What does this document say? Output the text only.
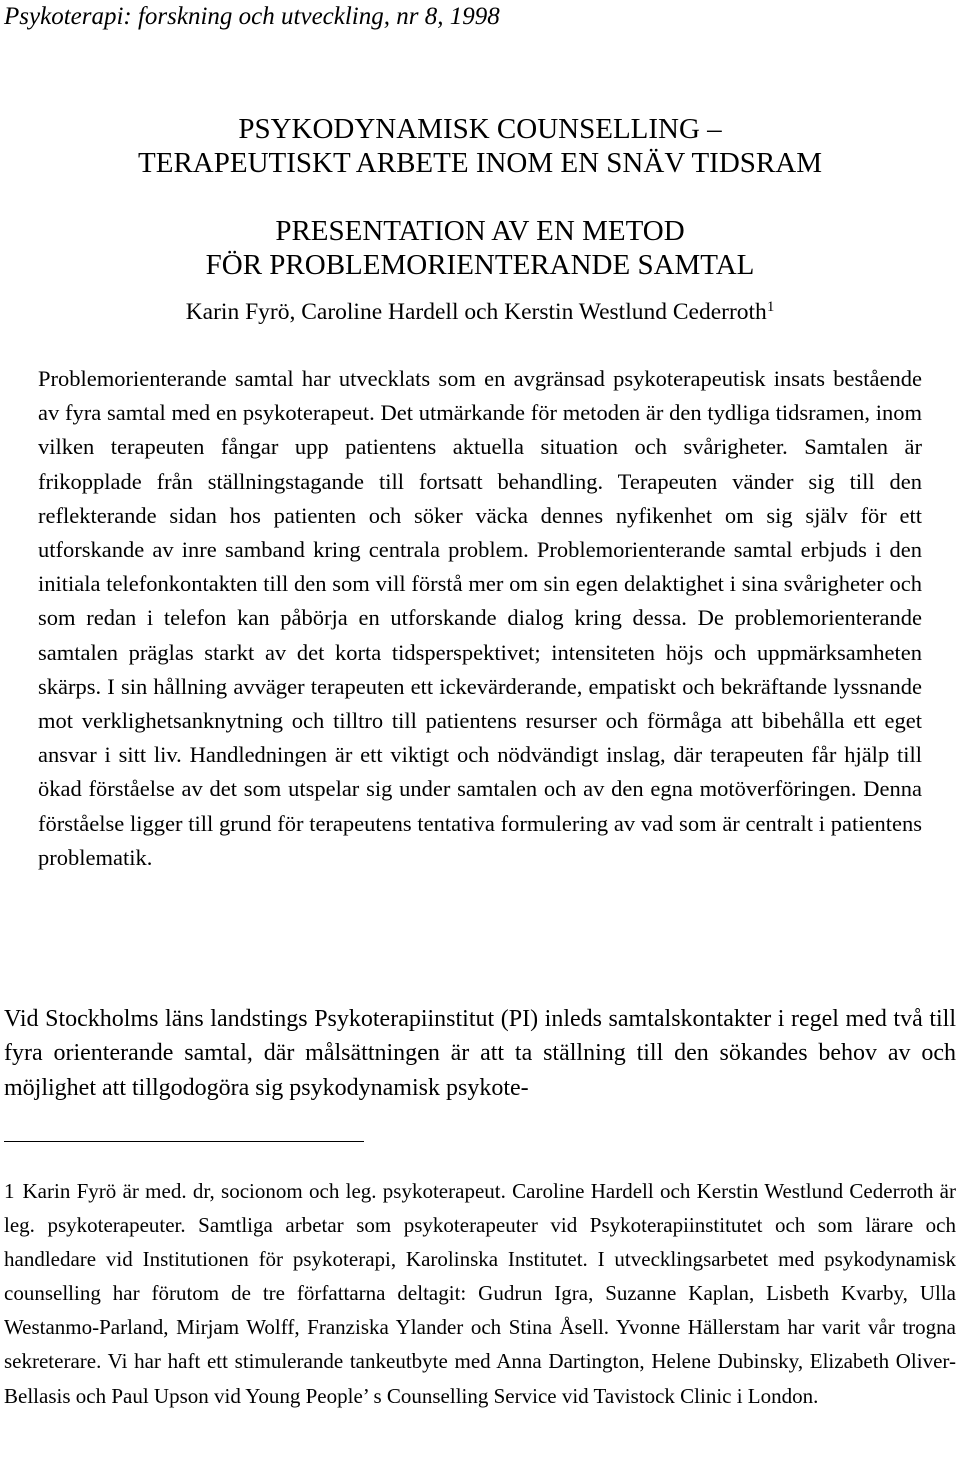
Psykoterapi: forskning och utveckling, nr 8, 1998
PSYKODYNAMISK COUNSELLING –
TERAPEUTISKT ARBETE INOM EN SNÄV TIDSRAM
PRESENTATION AV EN METOD
FÖR PROBLEMORIENTERANDE SAMTAL
Karin Fyrö, Caroline Hardell och Kerstin Westlund Cederroth$^1$

Problemorienterande samtal har utvecklats som en avgränsad psykoterapeutisk insats bestående av fyra samtal med en psykoterapeut. Det utmärkande för metoden är den tydliga tidsramen, inom vilken terapeuten fångar upp patientens aktuella situation och svårigheter. Samtalen är frikopplade från ställningstagande till fortsatt behandling. Terapeuten vänder sig till den reflekterande sidan hos patienten och söker väcka dennes nyfikenhet om sig själv för ett utforskande av inre samband kring centrala problem. Problemorienterande samtal erbjuds i den initiala telefonkontakten till den som vill förstå mer om sin egen delaktighet i sina svårigheter och som redan i telefon kan påbörja en utforskande dialog kring dessa. De problemorienterande samtalen präglas starkt av det korta tidsperspektivet; intensiteten höjs och uppmärksamheten skärps. I sin hållning avväger terapeuten ett ickevärderande, empatiskt och bekräftande lyssnande mot verklighetsanknytning och tilltro till patientens resurser och förmåga att bibehålla ett eget ansvar i sitt liv. Handledningen är ett viktigt och nödvändigt inslag, där terapeuten får hjälp till ökad förståelse av det som utspelar sig under samtalen och av den egna motöverföringen. Denna förståelse ligger till grund för terapeutens tentativa formulering av vad som är centralt i patientens problematik.

Vid Stockholms läns landstings Psykoterapiinstitut (PI) inleds samtalskontakter i regel med två till fyra orienterande samtal, där målsättningen är att ta ställning till den sökandes behov av och möjlighet att tillgodogöra sig psykodynamisk psykote-

1 Karin Fyrö är med. dr, socionom och leg. psykoterapeut. Caroline Hardell och Kerstin Westlund Cederroth är leg. psykoterapeuter. Samtliga arbetar som psykoterapeuter vid Psykoterapiinstitutet och som lärare och handledare vid Institutionen för psykoterapi, Karolinska Institutet. I utvecklingsarbetet med psykodynamisk counselling har förutom de tre författarna deltagit: Gudrun Igra, Suzanne Kaplan, Lisbeth Kvarby, Ulla Westanmo-Parland, Mirjam Wolff, Franziska Ylander och Stina Åsell. Yvonne Hällerstam har varit vår trogna sekreterare. Vi har haft ett stimulerande tankeutbyte med Anna Dartington, Helene Dubinsky, Elizabeth Oliver-Bellasis och Paul Upson vid Young People’ s Counselling Service vid Tavistock Clinic i London.
